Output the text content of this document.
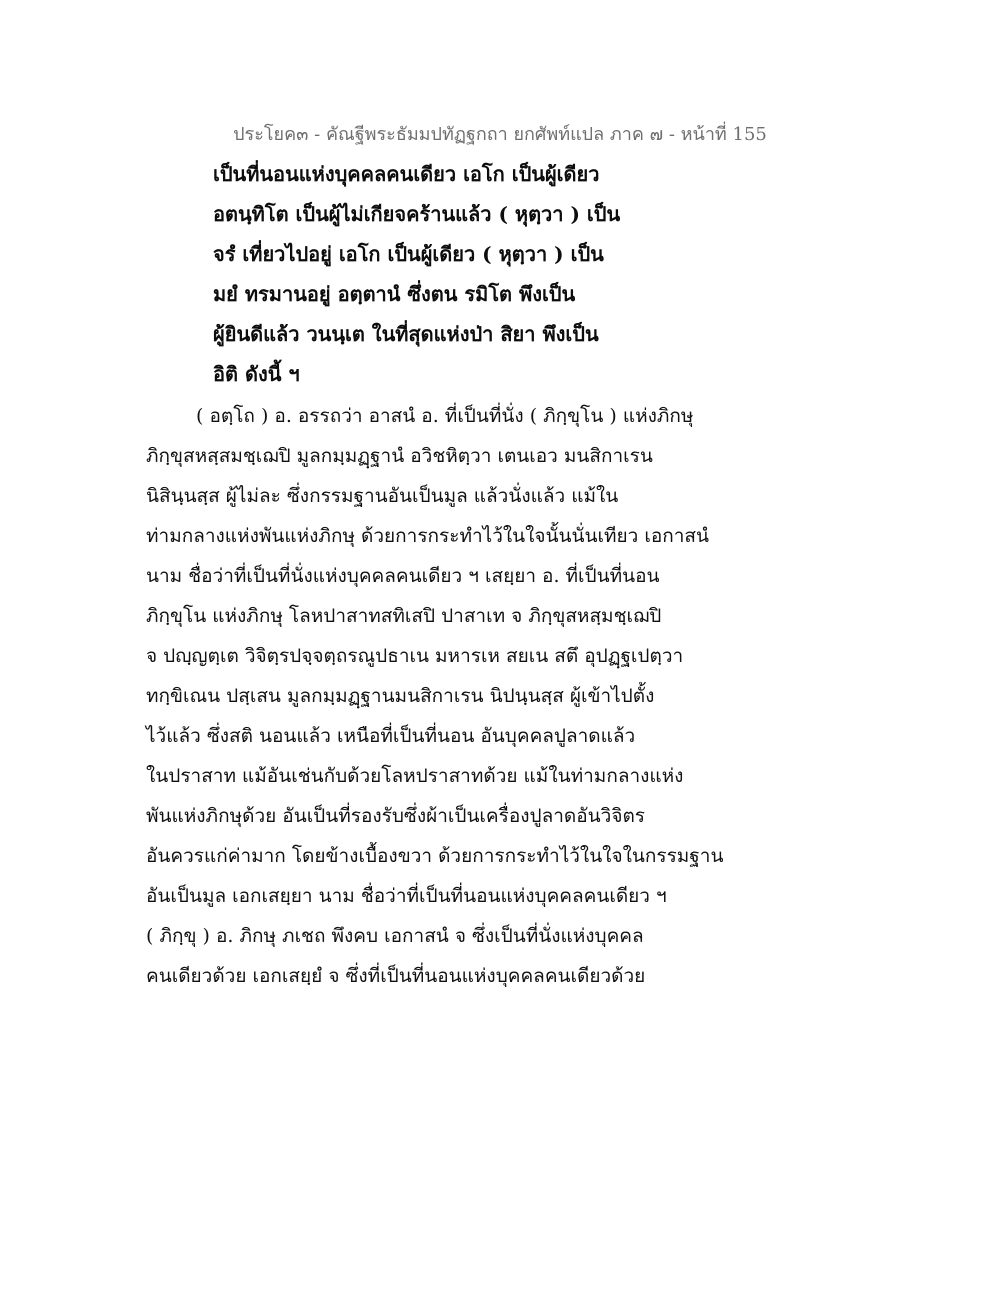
ประโยค๓ - คัณฐีพระธัมมปทัฏฐกถา ยกศัพท์แปล ภาค ๗ - หน้าที่ 155
เป็นที่นอนแห่งบุคคลคนเดียว เอโก เป็นผู้เดียว
อตนฺทิโต เป็นผู้ไม่เกียจคร้านแล้ว ( หุตฺวา ) เป็น
จรํ เที่ยวไปอยู่ เอโก เป็นผู้เดียว ( หุตฺวา ) เป็น
มยํ ทรมานอยู่ อตฺตานํ ซึ่งตน รมิโต พึงเป็น
ผู้ยินดีแล้ว วนนฺเต ในที่สุดแห่งป่า สิยา พึงเป็น
อิติ ดังนี้ ฯ
( อตฺโถ ) อ. อรรถว่า อาสนํ อ. ที่เป็นที่นั่ง ( ภิกฺขุโน ) แห่งภิกษุ
ภิกฺขุสหสฺสมชฺเฌปิ มูลกมฺมฏฺฐานํ อวิชหิตฺวา เตนเอว มนสิกาเรน
นิสินฺนสฺส ผู้ไม่ละ ซึ่งกรรมฐานอันเป็นมูล แล้วนั่งแล้ว แม้ใน
ท่ามกลางแห่งพันแห่งภิกษุ ด้วยการกระทำไว้ในใจนั้นนั่นเทียว เอกาสนํ
นาม ชื่อว่าที่เป็นที่นั่งแห่งบุคคลคนเดียว ฯ เสยฺยา อ. ที่เป็นที่นอน
ภิกฺขุโน แห่งภิกษุ โลหปาสาทสทิเสปิ ปาสาเท จ ภิกฺขุสหสฺมชฺเฌปิ
จ ปญฺญตฺเต วิจิตฺรปจฺจตฺถรณูปธาเน มหารเห สยเน สตึ อุปฏฺฐเปตฺวา
ทกฺขิเณน ปสฺเสน มูลกมฺมฏฺฐานมนสิกาเรน นิปนฺนสฺส ผู้เข้าไปตั้ง
ไว้แล้ว ซึ่งสติ นอนแล้ว เหนือที่เป็นที่นอน อันบุคคลปูลาดแล้ว
ในปราสาท แม้อันเช่นกับด้วยโลหปราสาทด้วย แม้ในท่ามกลางแห่ง
พันแห่งภิกษุด้วย อันเป็นที่รองรับซึ่งผ้าเป็นเครื่องปูลาดอันวิจิตร
อันควรแก่ค่ามาก โดยข้างเบื้องขวา ด้วยการกระทำไว้ในใจในกรรมฐาน
อันเป็นมูล เอกเสยฺยา นาม ชื่อว่าที่เป็นที่นอนแห่งบุคคลคนเดียว ฯ
( ภิกฺขุ ) อ. ภิกษุ ภเชถ พึงคบ เอกาสนํ จ ซึ่งเป็นที่นั่งแห่งบุคคล
คนเดียวด้วย เอกเสยฺยํ จ ซึ่งที่เป็นที่นอนแห่งบุคคลคนเดียวด้วย
